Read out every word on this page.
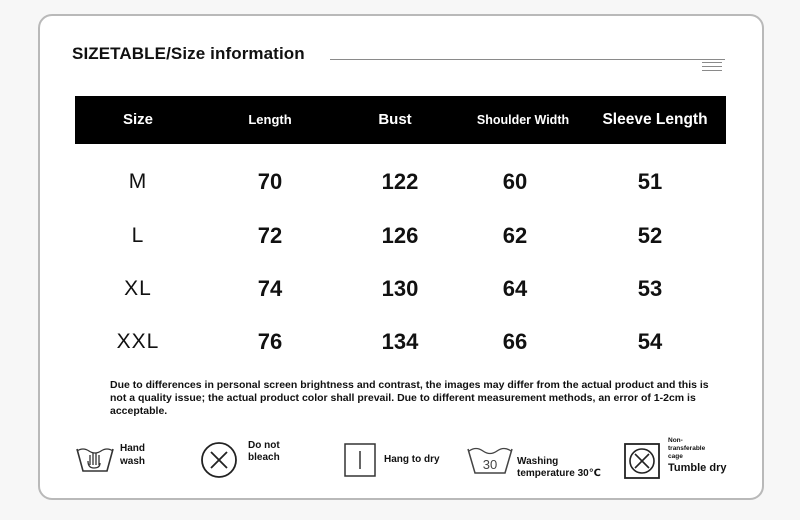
SIZETABLE/Size information
Size	Length	Bust	Shoulder Width	Sleeve Length
M	70	122	60	51
L	72	126	62	52
XL	74	130	64	53
XXL	76	134	66	54
Due to differences in personal screen brightness and contrast, the images may differ from the actual product and this is not a quality issue; the actual product color shall prevail. Due to different measurement methods, an error of 1-2cm is acceptable.
Hand
wash
Do not
bleach	Hang to dry	30 Washing
temperature 30℃
Non-
transferable
cage
Tumble dry
